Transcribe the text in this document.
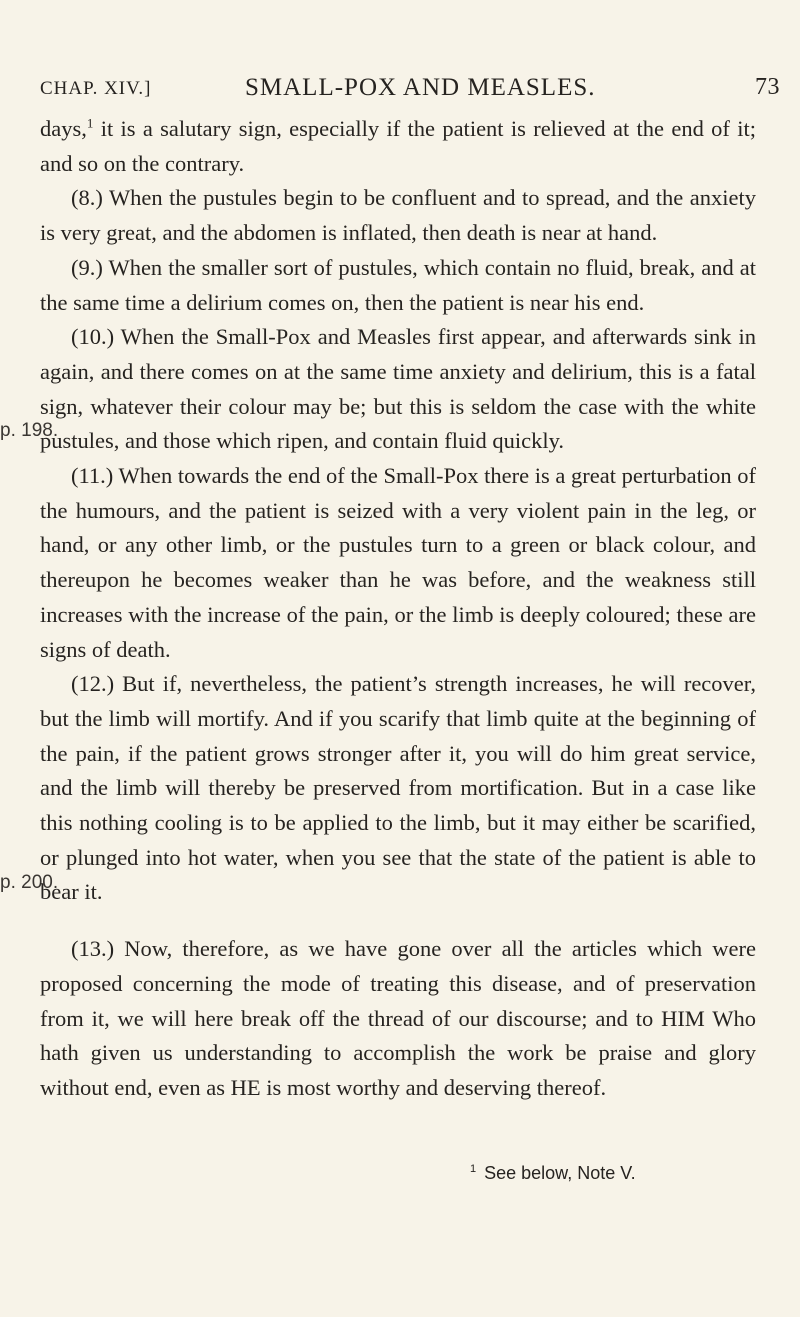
CHAP. XIV.]	SMALL-POX AND MEASLES.	73
p. 198.
p. 200.

days,$^1$ it is a salutary sign, especially if the patient is relieved at the end of it; and so on the contrary.

(8.) When the pustules begin to be confluent and to spread, and the anxiety is very great, and the abdomen is inflated, then death is near at hand.

(9.) When the smaller sort of pustules, which contain no fluid, break, and at the same time a delirium comes on, then the patient is near his end.

(10.) When the Small-Pox and Measles first appear, and afterwards sink in again, and there comes on at the same time anxiety and delirium, this is a fatal sign, whatever their colour may be; but this is seldom the case with the white pustules, and those which ripen, and contain fluid quickly.

(11.) When towards the end of the Small-Pox there is a great perturbation of the humours, and the patient is seized with a very violent pain in the leg, or hand, or any other limb, or the pustules turn to a green or black colour, and thereupon he becomes weaker than he was before, and the weakness still increases with the increase of the pain, or the limb is deeply coloured; these are signs of death.

(12.) But if, nevertheless, the patient’s strength increases, he will recover, but the limb will mortify. And if you scarify that limb quite at the beginning of the pain, if the patient grows stronger after it, you will do him great service, and the limb will thereby be preserved from mortification. But in a case like this nothing cooling is to be applied to the limb, but it may either be scarified, or plunged into hot water, when you see that the state of the patient is able to bear it.

(13.) Now, therefore, as we have gone over all the articles which were proposed concerning the mode of treating this disease, and of preservation from it, we will here break off the thread of our discourse; and to HIM Who hath given us understanding to accomplish the work be praise and glory without end, even as HE is most worthy and deserving thereof.

$^1$ See below, Note V.
